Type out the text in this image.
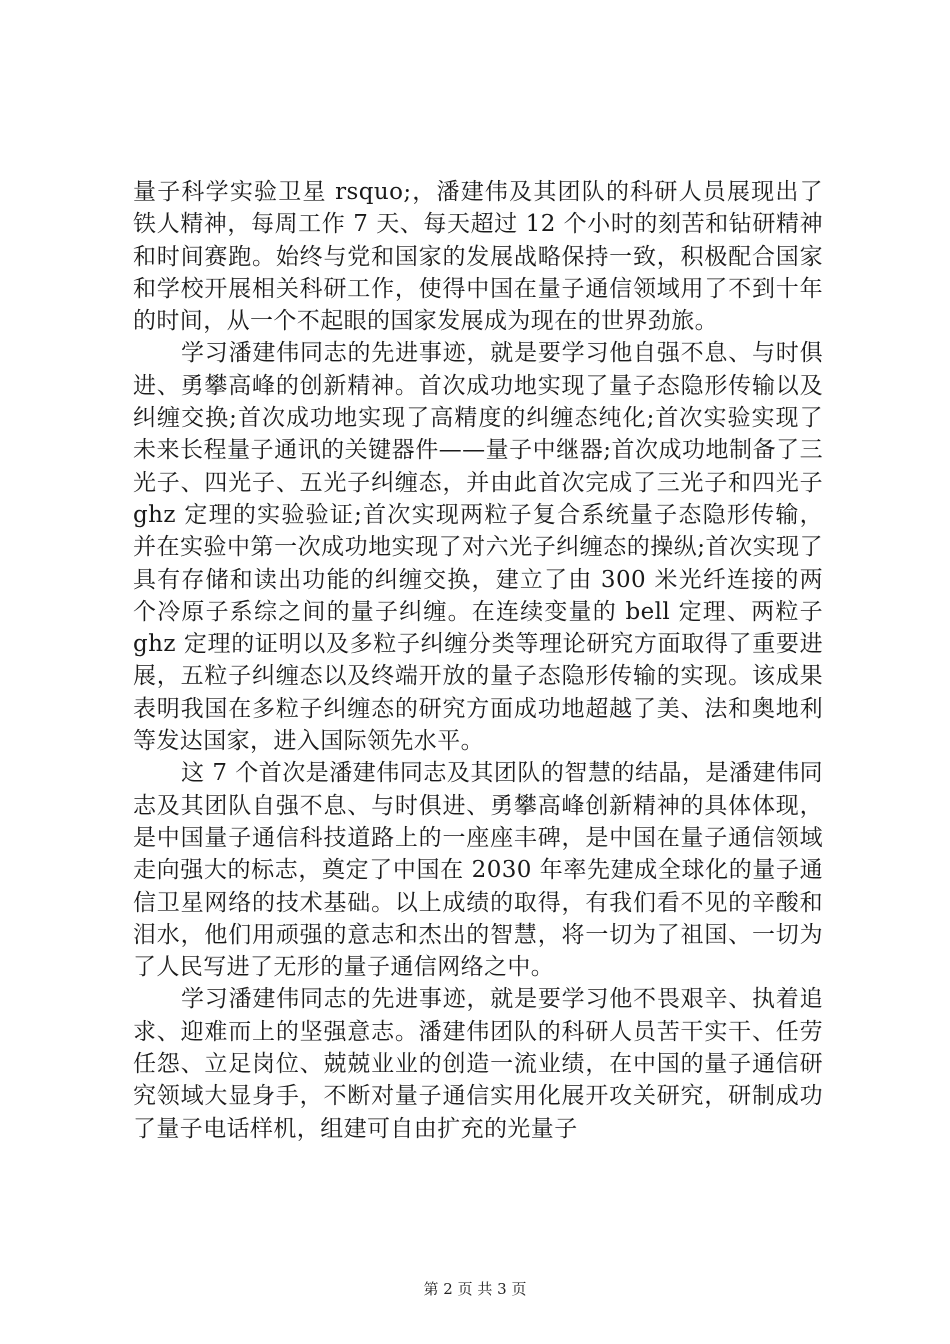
量子科学实验卫星 rsquo;，潘建伟及其团队的科研人员展现出了铁人精神，每周工作 7 天、每天超过 12 个小时的刻苦和钻研精神和时间赛跑。始终与党和国家的发展战略保持一致，积极配合国家和学校开展相关科研工作，使得中国在量子通信领域用了不到十年的时间，从一个不起眼的国家发展成为现在的世界劲旅。

学习潘建伟同志的先进事迹，就是要学习他自强不息、与时俱进、勇攀高峰的创新精神。首次成功地实现了量子态隐形传输以及纠缠交换;首次成功地实现了高精度的纠缠态纯化;首次实验实现了未来长程量子通讯的关键器件——量子中继器;首次成功地制备了三光子、四光子、五光子纠缠态，并由此首次完成了三光子和四光子 ghz 定理的实验验证;首次实现两粒子复合系统量子态隐形传输，并在实验中第一次成功地实现了对六光子纠缠态的操纵;首次实现了具有存储和读出功能的纠缠交换，建立了由 300 米光纤连接的两个冷原子系综之间的量子纠缠。在连续变量的 bell 定理、两粒子 ghz 定理的证明以及多粒子纠缠分类等理论研究方面取得了重要进展，五粒子纠缠态以及终端开放的量子态隐形传输的实现。该成果表明我国在多粒子纠缠态的研究方面成功地超越了美、法和奥地利等发达国家，进入国际领先水平。

这 7 个首次是潘建伟同志及其团队的智慧的结晶，是潘建伟同志及其团队自强不息、与时俱进、勇攀高峰创新精神的具体体现，是中国量子通信科技道路上的一座座丰碑，是中国在量子通信领域走向强大的标志，奠定了中国在 2030 年率先建成全球化的量子通信卫星网络的技术基础。以上成绩的取得，有我们看不见的辛酸和泪水，他们用顽强的意志和杰出的智慧，将一切为了祖国、一切为了人民写进了无形的量子通信网络之中。

学习潘建伟同志的先进事迹，就是要学习他不畏艰辛、执着追求、迎难而上的坚强意志。潘建伟团队的科研人员苦干实干、任劳任怨、立足岗位、兢兢业业的创造一流业绩，在中国的量子通信研究领域大显身手，不断对量子通信实用化展开攻关研究，研制成功了量子电话样机，组建可自由扩充的光量子

第 2 页 共 3 页
